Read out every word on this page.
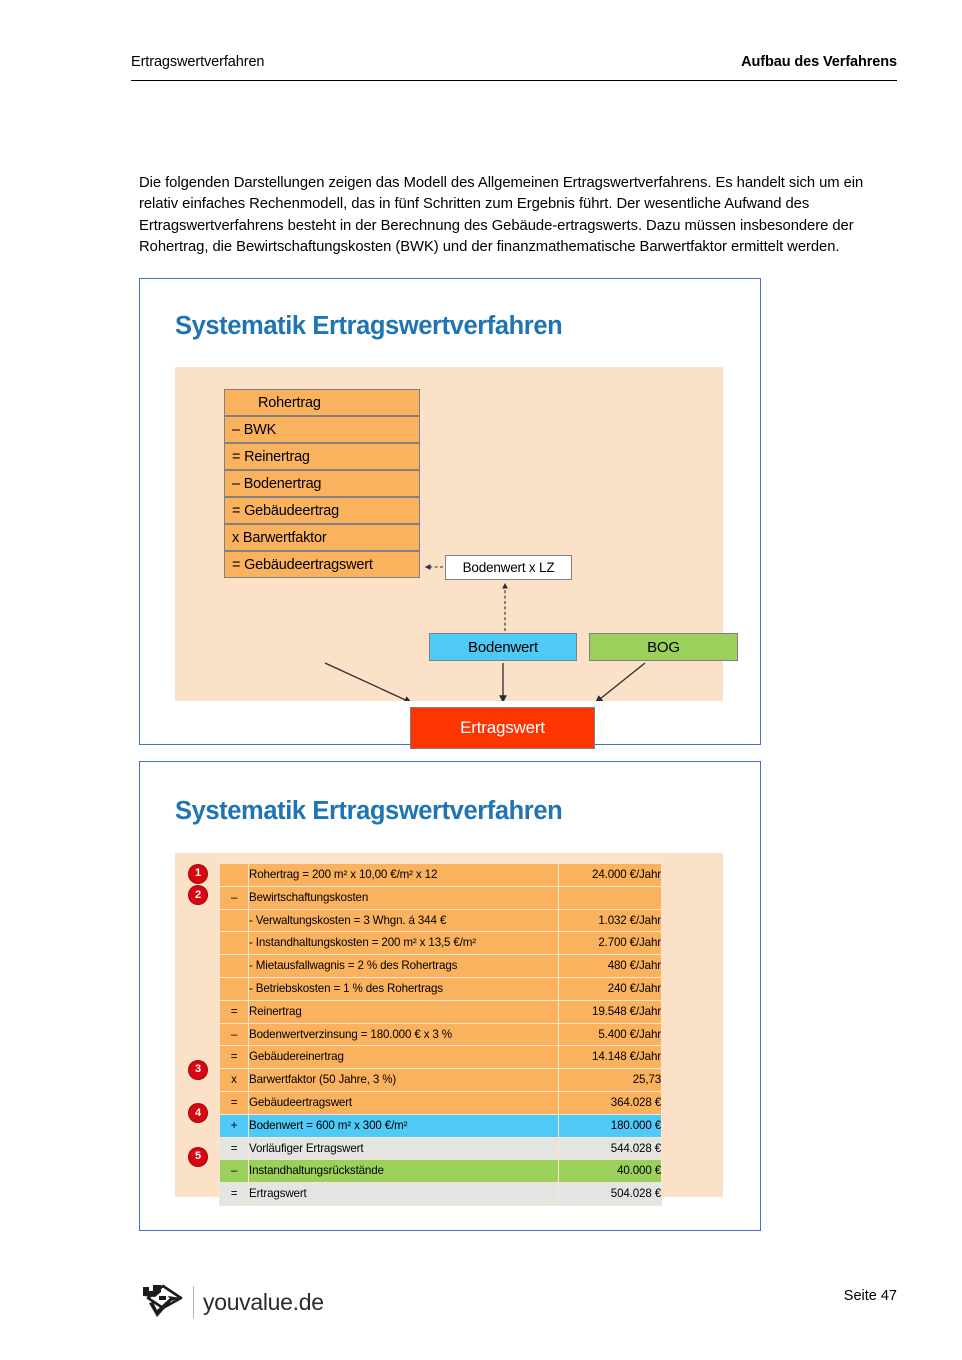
Ertragswertverfahren	Aufbau des Verfahrens

Die folgenden Darstellungen zeigen das Modell des Allgemeinen Ertragswertverfahrens. Es handelt sich um ein relativ einfaches Rechenmodell, das in fünf Schritten zum Ergebnis führt. Der wesentliche Aufwand des Ertragswertverfahrens besteht in der Berechnung des Gebäude-ertragswerts. Dazu müssen insbesondere der Rohertrag, die Bewirtschaftungskosten (BWK) und der finanzmathematische Barwertfaktor ermittelt werden.

Systematik Ertragswertverfahren
Rohertrag
– BWK
= Reinertrag
– Bodenertrag
= Gebäudeertrag
x Barwertfaktor
= Gebäudeertragswert	Bodenwert x LZ
Bodenwert	BOG
Ertragswert
Systematik Ertragswertverfahren
1
2
3
4
5
	Rohertrag = 200 m² x 10,00 €/m² x 12	24.000 €/Jahr
–	Bewirtschaftungskosten	
	- Verwaltungskosten = 3 Whgn. á 344 €	1.032 €/Jahr
	- Instandhaltungskosten = 200 m² x 13,5 €/m²	2.700 €/Jahr
	- Mietausfallwagnis = 2 % des Rohertrags	480 €/Jahr
	- Betriebskosten = 1 % des Rohertrags	240 €/Jahr
=	Reinertrag	19.548 €/Jahr
–	Bodenwertverzinsung = 180.000 € x 3 %	5.400 €/Jahr
=	Gebäudereinertrag	14.148 €/Jahr
x	Barwertfaktor (50 Jahre, 3 %)	25,73
=	Gebäudeertragswert	364.028 €
+	Bodenwert = 600 m² x 300 €/m²	180.000 €
=	Vorläufiger Ertragswert	544.028 €
–	Instandhaltungsrückstände	40.000 €
=	Ertragswert	504.028 €
youvalue.de	Seite 47
